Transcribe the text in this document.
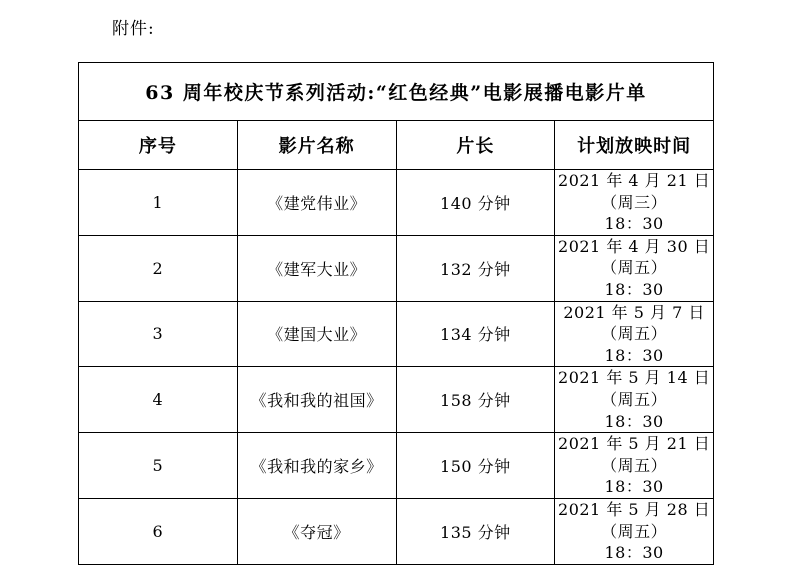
附件:
63 周年校庆节系列活动:“红色经典”电影展播电影片单			
序号	影片名称	片长	计划放映时间
1	《建党伟业》	140 分钟	2021 年 4 月 21 日（周三）
18：30

2	《建军大业》	132 分钟	2021 年 4 月 30 日 （周五）
18：30

3	《建国大业》	134 分钟	2021 年 5 月 7 日（周五）
18：30

4	《我和我的祖国》	158 分钟	2021 年 5 月 14 日（周五）
18：30

5	《我和我的家乡》	150 分钟	2021 年 5 月 21 日（周五）
18：30

6	《夺冠》	135 分钟	2021 年 5 月 28 日（周五）
18：30
